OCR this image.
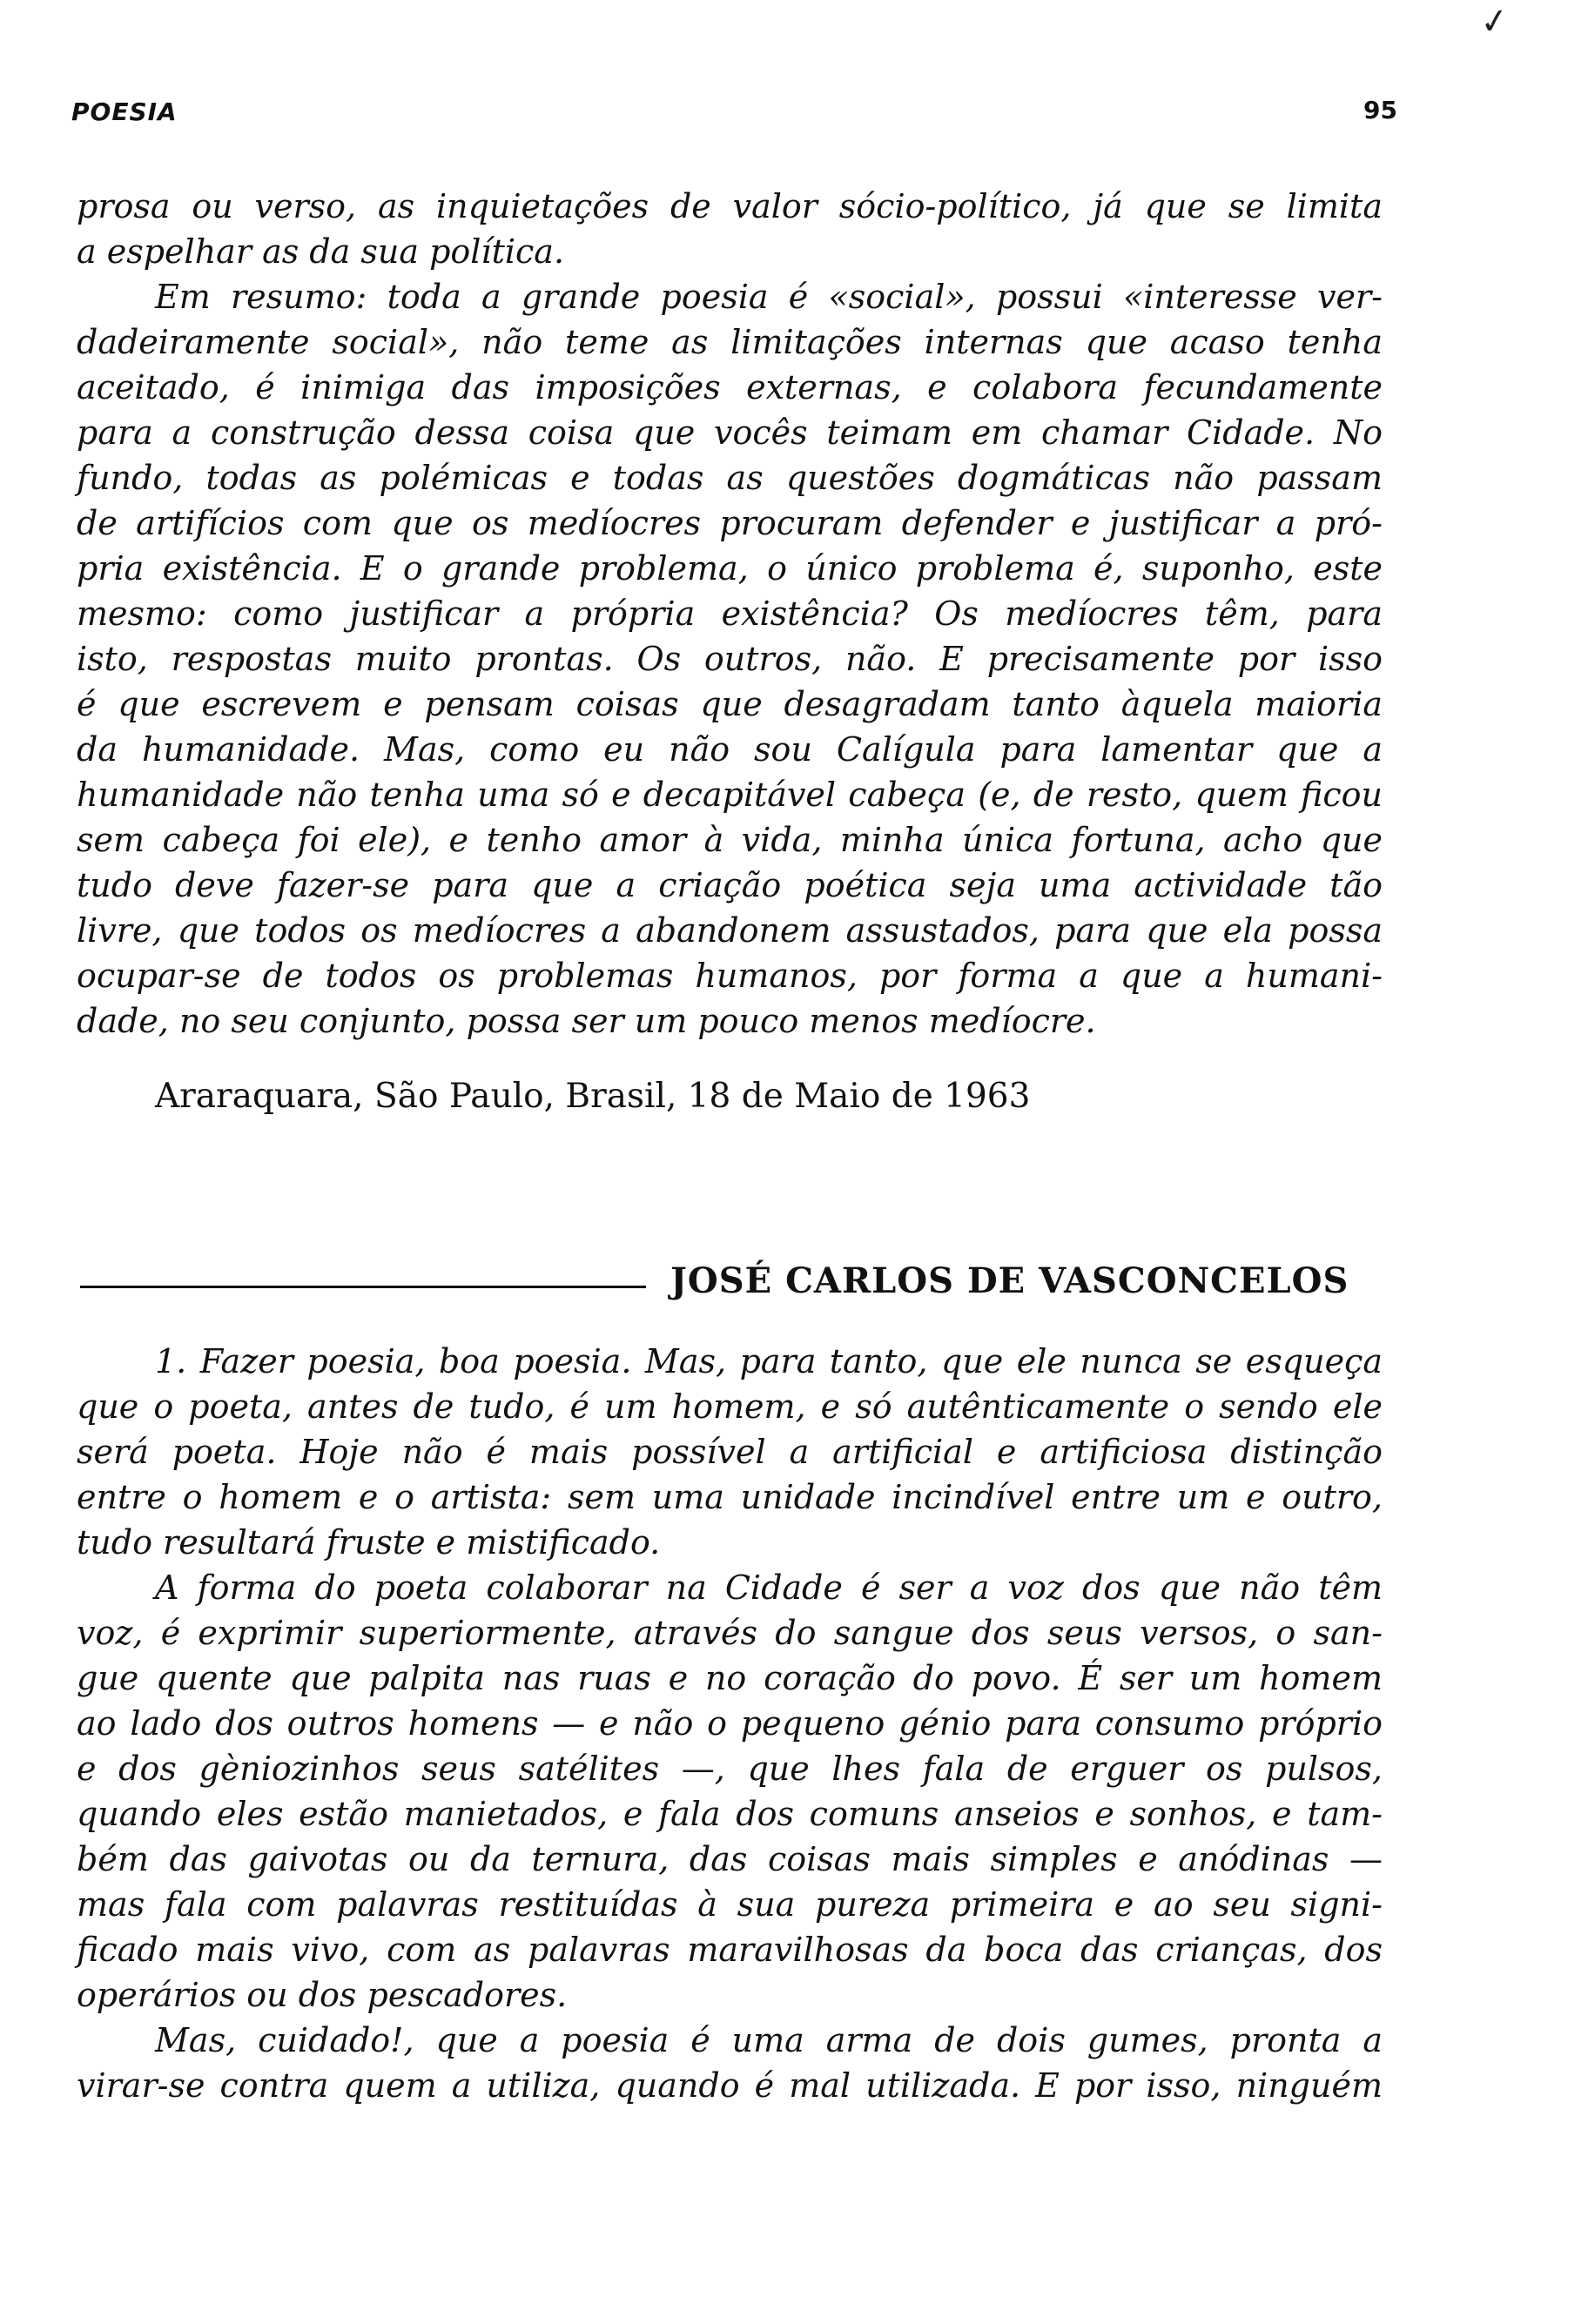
✓
POESIA	95
prosa ou verso, as inquietações de valor sócio-político, já que se limita
a espelhar as da sua política.
Em resumo: toda a grande poesia é «social», possui «interesse ver-
dadeiramente social», não teme as limitações internas que acaso tenha
aceitado, é inimiga das imposições externas, e colabora fecundamente
para a construção dessa coisa que vocês teimam em chamar Cidade. No
fundo, todas as polémicas e todas as questões dogmáticas não passam
de artifícios com que os medíocres procuram defender e justificar a pró-
pria existência. E o grande problema, o único problema é, suponho, este
mesmo: como justificar a própria existência? Os medíocres têm, para
isto, respostas muito prontas. Os outros, não. E precisamente por isso
é que escrevem e pensam coisas que desagradam tanto àquela maioria
da humanidade. Mas, como eu não sou Calígula para lamentar que a
humanidade não tenha uma só e decapitável cabeça (e, de resto, quem ficou
sem cabeça foi ele), e tenho amor à vida, minha única fortuna, acho que
tudo deve fazer-se para que a criação poética seja uma actividade tão
livre, que todos os medíocres a abandonem assustados, para que ela possa
ocupar-se de todos os problemas humanos, por forma a que a humani-
dade, no seu conjunto, possa ser um pouco menos medíocre.
Araraquara, São Paulo, Brasil, 18 de Maio de 1963
JOSÉ CARLOS DE VASCONCELOS
1. Fazer poesia, boa poesia. Mas, para tanto, que ele nunca se esqueça
que o poeta, antes de tudo, é um homem, e só autênticamente o sendo ele
será poeta. Hoje não é mais possível a artificial e artificiosa distinção
entre o homem e o artista: sem uma unidade incindível entre um e outro,
tudo resultará fruste e mistificado.
A forma do poeta colaborar na Cidade é ser a voz dos que não têm
voz, é exprimir superiormente, através do sangue dos seus versos, o san-
gue quente que palpita nas ruas e no coração do povo. É ser um homem
ao lado dos outros homens — e não o pequeno génio para consumo próprio
e dos gèniozinhos seus satélites —, que lhes fala de erguer os pulsos,
quando eles estão manietados, e fala dos comuns anseios e sonhos, e tam-
bém das gaivotas ou da ternura, das coisas mais simples e anódinas —
mas fala com palavras restituídas à sua pureza primeira e ao seu signi-
ficado mais vivo, com as palavras maravilhosas da boca das crianças, dos
operários ou dos pescadores.
Mas, cuidado!, que a poesia é uma arma de dois gumes, pronta a
virar-se contra quem a utiliza, quando é mal utilizada. E por isso, ninguém
